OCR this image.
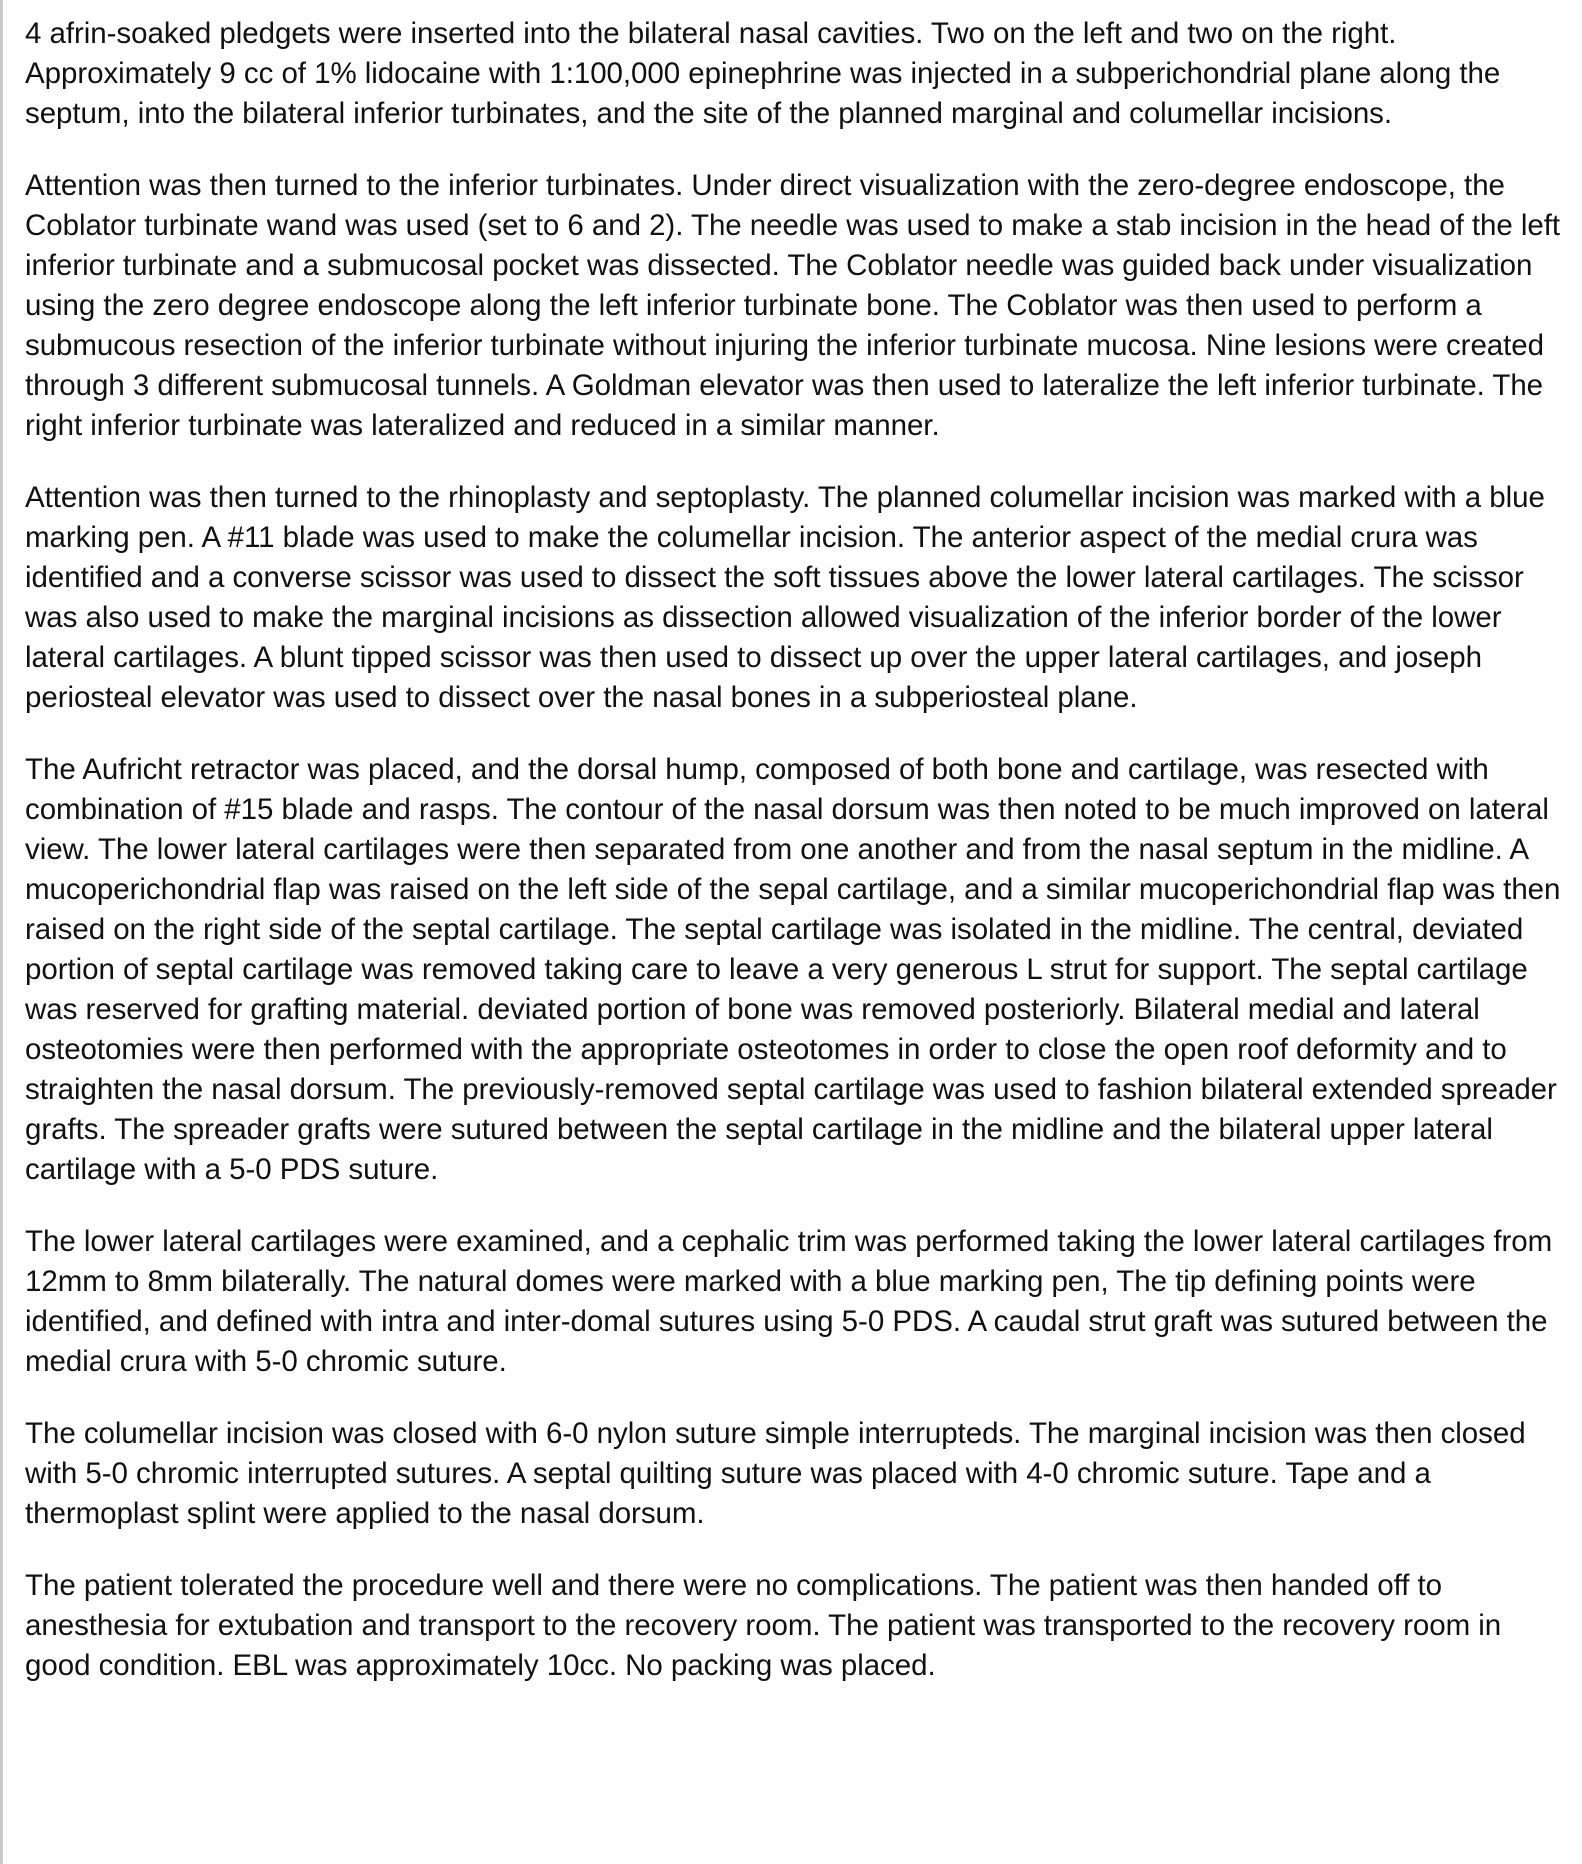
4 afrin-soaked pledgets were inserted into the bilateral nasal cavities. Two on the left and two on the right. Approximately 9 cc of 1% lidocaine with 1:100,000 epinephrine was injected in a subperichondrial plane along the septum, into the bilateral inferior turbinates, and the site of the planned marginal and columellar incisions.

Attention was then turned to the inferior turbinates. Under direct visualization with the zero-degree endoscope, the Coblator turbinate wand was used (set to 6 and 2). The needle was used to make a stab incision in the head of the left inferior turbinate and a submucosal pocket was dissected. The Coblator needle was guided back under visualization using the zero degree endoscope along the left inferior turbinate bone. The Coblator was then used to perform a submucous resection of the inferior turbinate without injuring the inferior turbinate mucosa. Nine lesions were created through 3 different submucosal tunnels. A Goldman elevator was then used to lateralize the left inferior turbinate. The right inferior turbinate was lateralized and reduced in a similar manner.

Attention was then turned to the rhinoplasty and septoplasty. The planned columellar incision was marked with a blue marking pen. A #11 blade was used to make the columellar incision. The anterior aspect of the medial crura was identified and a converse scissor was used to dissect the soft tissues above the lower lateral cartilages. The scissor was also used to make the marginal incisions as dissection allowed visualization of the inferior border of the lower lateral cartilages. A blunt tipped scissor was then used to dissect up over the upper lateral cartilages, and joseph periosteal elevator was used to dissect over the nasal bones in a subperiosteal plane.

The Aufricht retractor was placed, and the dorsal hump, composed of both bone and cartilage, was resected with combination of #15 blade and rasps. The contour of the nasal dorsum was then noted to be much improved on lateral view. The lower lateral cartilages were then separated from one another and from the nasal septum in the midline. A mucoperichondrial flap was raised on the left side of the sepal cartilage, and a similar mucoperichondrial flap was then raised on the right side of the septal cartilage. The septal cartilage was isolated in the midline. The central, deviated portion of septal cartilage was removed taking care to leave a very generous L strut for support. The septal cartilage was reserved for grafting material. deviated portion of bone was removed posteriorly. Bilateral medial and lateral osteotomies were then performed with the appropriate osteotomes in order to close the open roof deformity and to straighten the nasal dorsum. The previously-removed septal cartilage was used to fashion bilateral extended spreader grafts. The spreader grafts were sutured between the septal cartilage in the midline and the bilateral upper lateral cartilage with a 5-0 PDS suture.

The lower lateral cartilages were examined, and a cephalic trim was performed taking the lower lateral cartilages from 12mm to 8mm bilaterally. The natural domes were marked with a blue marking pen, The tip defining points were identified, and defined with intra and inter-domal sutures using 5-0 PDS. A caudal strut graft was sutured between the medial crura with 5-0 chromic suture.

The columellar incision was closed with 6-0 nylon suture simple interrupteds. The marginal incision was then closed with 5-0 chromic interrupted sutures. A septal quilting suture was placed with 4-0 chromic suture. Tape and a thermoplast splint were applied to the nasal dorsum.

The patient tolerated the procedure well and there were no complications. The patient was then handed off to anesthesia for extubation and transport to the recovery room. The patient was transported to the recovery room in good condition. EBL was approximately 10cc. No packing was placed.
